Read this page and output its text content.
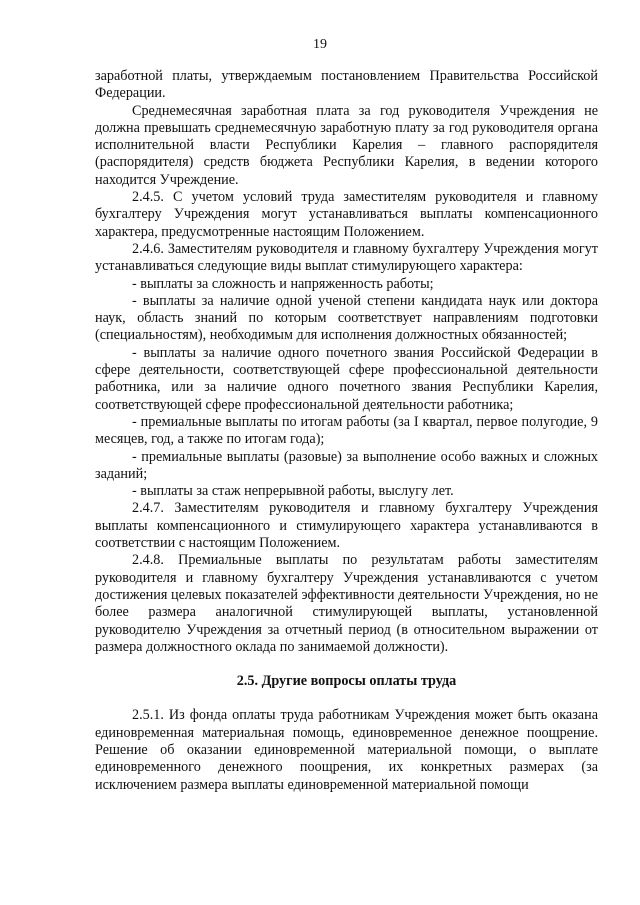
19

заработной платы, утверждаемым постановлением Правительства Российской Федерации.

Среднемесячная заработная плата за год руководителя Учреждения не должна превышать среднемесячную заработную плату за год руководителя органа исполнительной власти Республики Карелия – главного распорядителя (распорядителя) средств бюджета Республики Карелия, в ведении которого находится Учреждение.

2.4.5. С учетом условий труда заместителям руководителя и главному бухгалтеру Учреждения могут устанавливаться выплаты компенсационного характера, предусмотренные настоящим Положением.

2.4.6. Заместителям руководителя и главному бухгалтеру Учреждения могут устанавливаться следующие виды выплат стимулирующего характера:

- выплаты за сложность и напряженность работы;

- выплаты за наличие одной ученой степени кандидата наук или доктора наук, область знаний по которым соответствует направлениям подготовки (специальностям), необходимым для исполнения должностных обязанностей;

- выплаты за наличие одного почетного звания Российской Федерации в сфере деятельности, соответствующей сфере профессиональной деятельности работника, или за наличие одного почетного звания Республики Карелия, соответствующей сфере профессиональной деятельности работника;

- премиальные выплаты по итогам работы (за I квартал, первое полугодие, 9 месяцев, год, а также по итогам года);

- премиальные выплаты (разовые) за выполнение особо важных и сложных заданий;

- выплаты за стаж непрерывной работы, выслугу лет.

2.4.7. Заместителям руководителя и главному бухгалтеру Учреждения выплаты компенсационного и стимулирующего характера устанавливаются в соответствии с настоящим Положением.

2.4.8. Премиальные выплаты по результатам работы заместителям руководителя и главному бухгалтеру Учреждения устанавливаются с учетом достижения целевых показателей эффективности деятельности Учреждения, но не более размера аналогичной стимулирующей выплаты, установленной руководителю Учреждения за отчетный период (в относительном выражении от размера должностного оклада по занимаемой должности).

2.5. Другие вопросы оплаты труда

2.5.1. Из фонда оплаты труда работникам Учреждения может быть оказана единовременная материальная помощь, единовременное денежное поощрение. Решение об оказании единовременной материальной помощи, о выплате единовременного денежного поощрения, их конкретных размерах (за исключением размера выплаты единовременной материальной помощи
